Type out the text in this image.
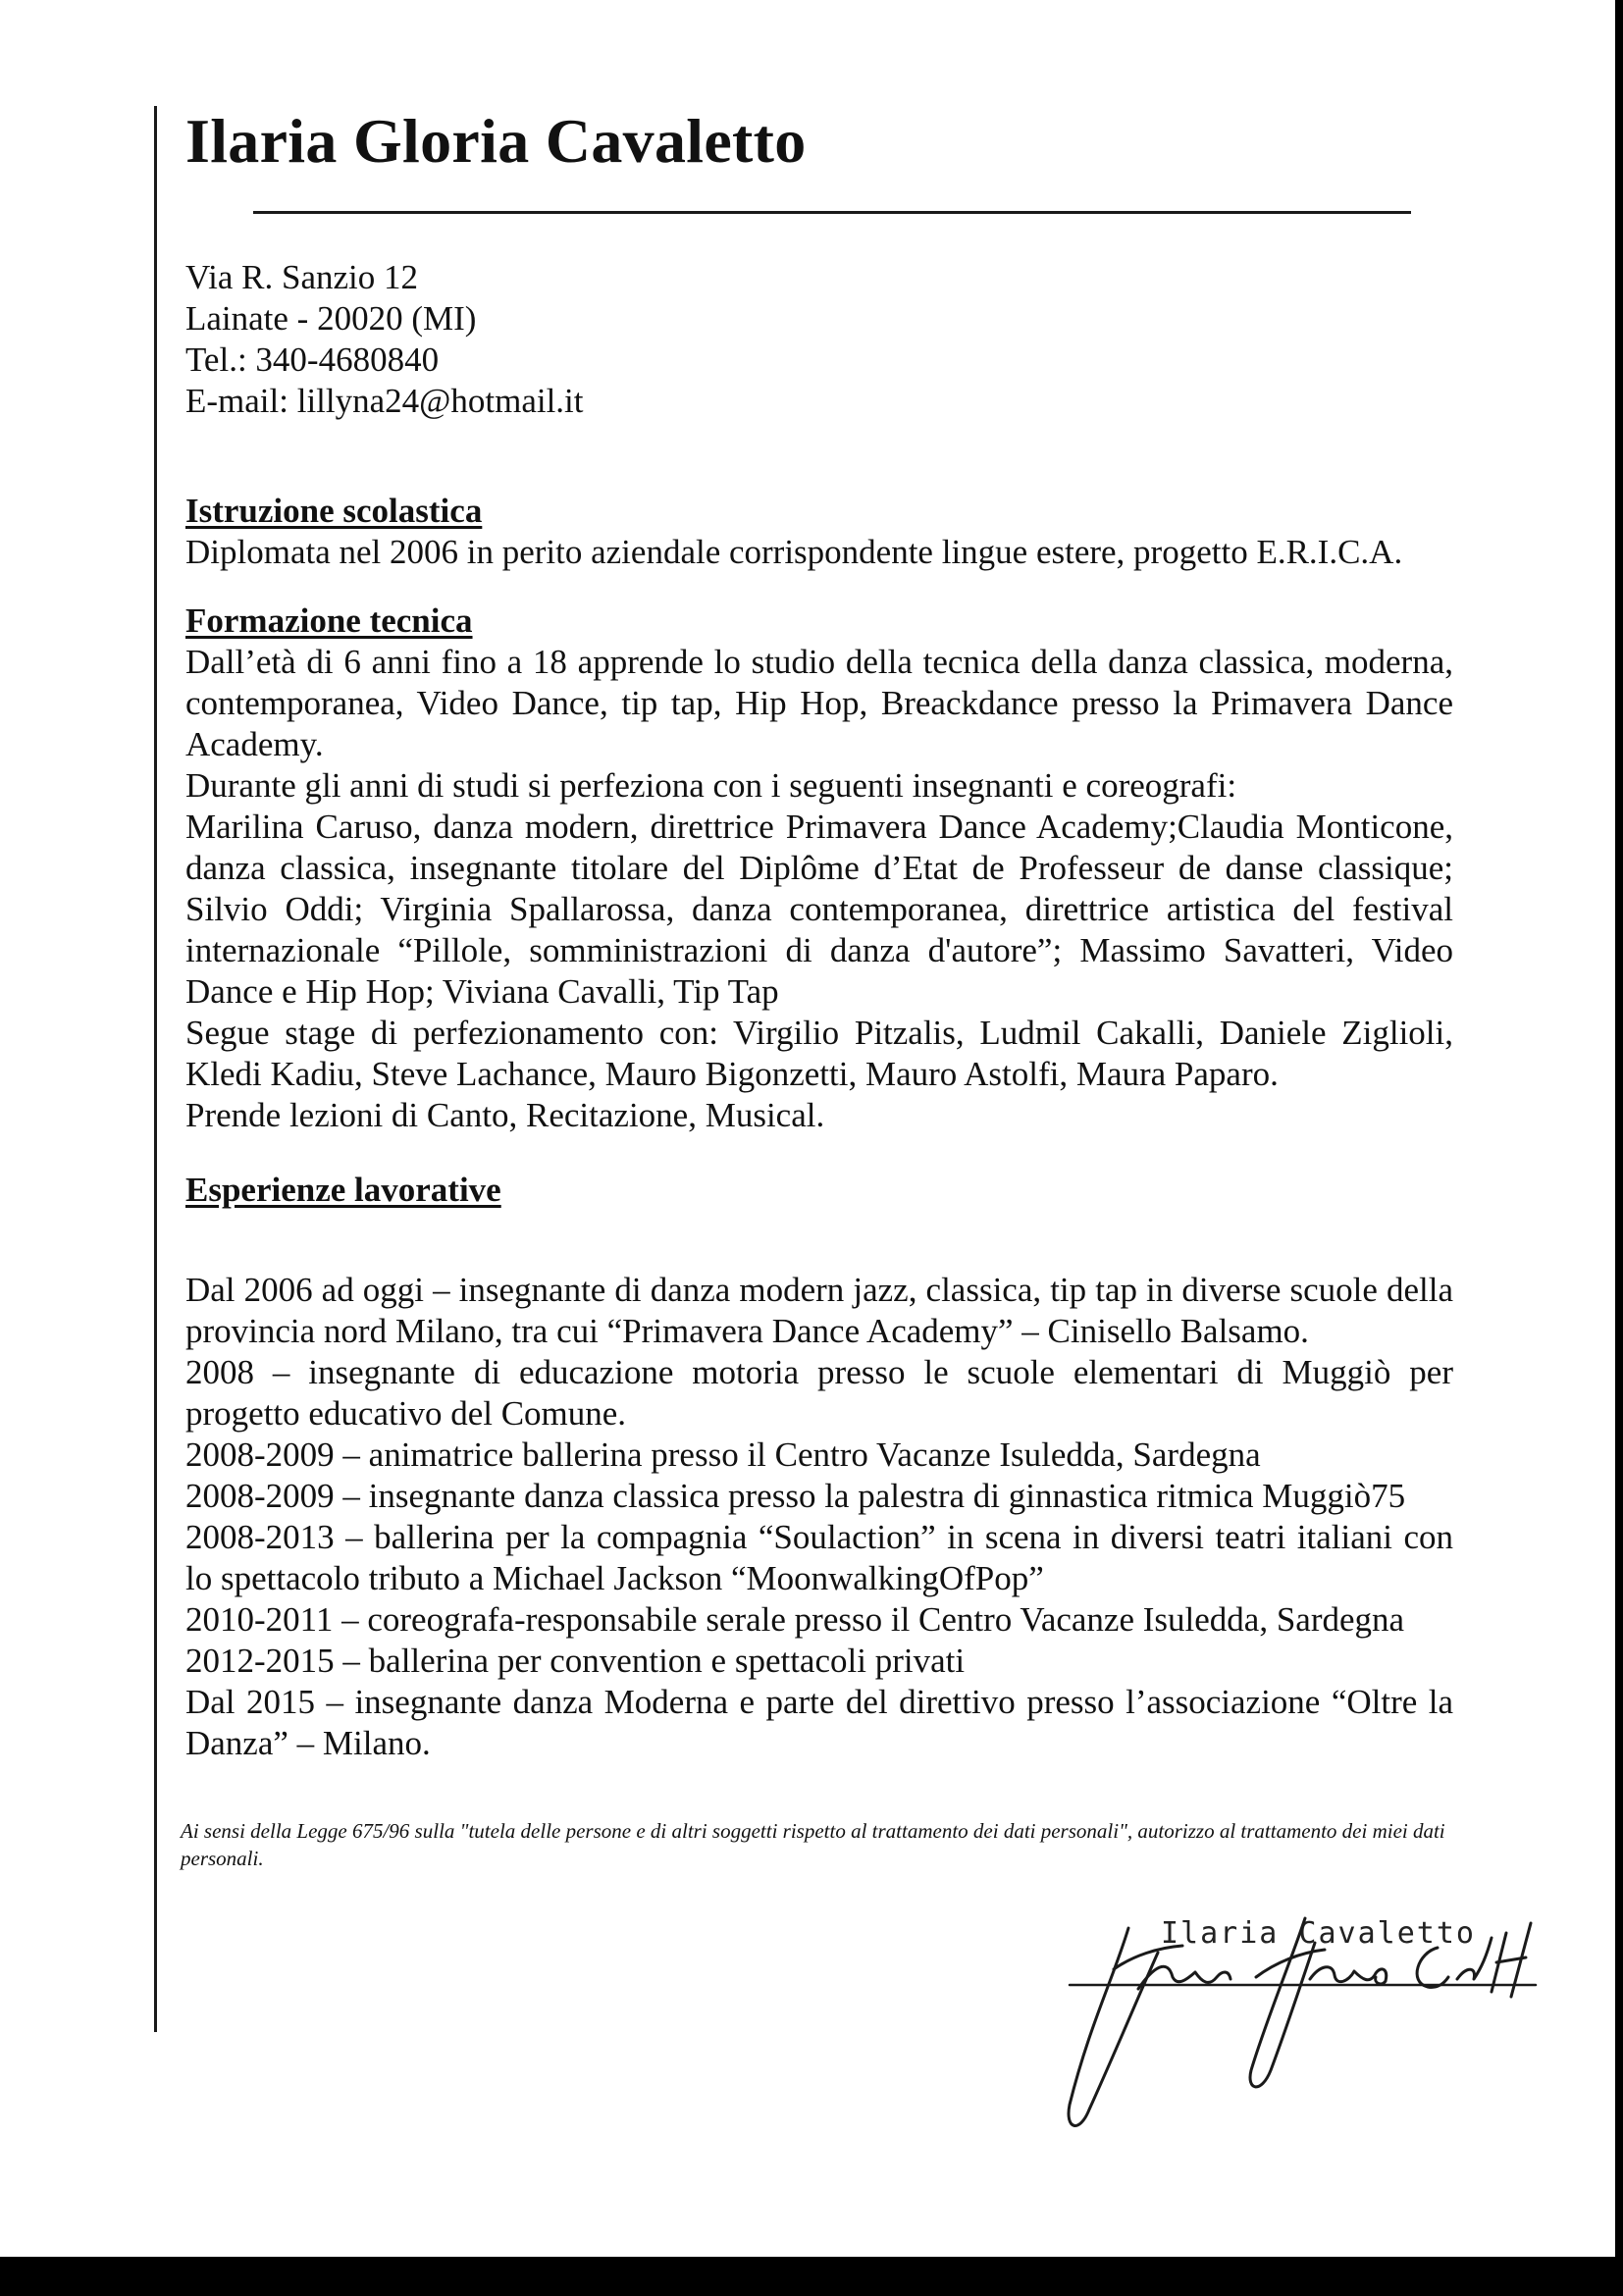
Ilaria Gloria Cavaletto
Via R. Sanzio 12
Lainate - 20020 (MI)
Tel.: 340-4680840
E-mail: lillyna24@hotmail.it
Istruzione scolastica

Diplomata nel 2006 in perito aziendale corrispondente lingue estere, progetto E.R.I.C.A.

Formazione tecnica

Dall’età di 6 anni fino a 18 apprende lo studio della tecnica della danza classica, moderna, contemporanea, Video Dance, tip tap, Hip Hop, Breackdance presso la Primavera Dance Academy.

Durante gli anni di studi si perfeziona con i seguenti insegnanti e coreografi:

Marilina Caruso, danza modern, direttrice Primavera Dance Academy;Claudia Monticone, danza classica, insegnante titolare del Diplôme d’Etat de Professeur de danse classique; Silvio Oddi; Virginia Spallarossa, danza contemporanea, direttrice artistica del festival internazionale “Pillole, somministrazioni di danza d'autore”; Massimo Savatteri, Video Dance e Hip Hop; Viviana Cavalli, Tip Tap

Segue stage di perfezionamento con: Virgilio Pitzalis, Ludmil Cakalli, Daniele Ziglioli, Kledi Kadiu, Steve Lachance, Mauro Bigonzetti, Mauro Astolfi, Maura Paparo.

Prende lezioni di Canto, Recitazione, Musical.

Esperienze lavorative

Dal 2006 ad oggi – insegnante di danza modern jazz, classica, tip tap in diverse scuole della provincia nord Milano, tra cui “Primavera Dance Academy” – Cinisello Balsamo.

2008 – insegnante di educazione motoria presso le scuole elementari di Muggiò per progetto educativo del Comune.

2008-2009 – animatrice ballerina presso il Centro Vacanze Isuledda, Sardegna

2008-2009 – insegnante danza classica presso la palestra di ginnastica ritmica Muggiò75

2008-2013 – ballerina per la compagnia “Soulaction” in scena in diversi teatri italiani con lo spettacolo tributo a Michael Jackson “MoonwalkingOfPop”

2010-2011 – coreografa-responsabile serale presso il Centro Vacanze Isuledda, Sardegna

2012-2015 – ballerina per convention e spettacoli privati

Dal 2015 – insegnante danza Moderna e parte del direttivo presso l’associazione “Oltre la Danza” – Milano.

Ai sensi della Legge 675/96 sulla "tutela delle persone e di altri soggetti rispetto al trattamento dei dati personali", autorizzo al trattamento dei miei dati personali.

Ilaria Cavaletto
